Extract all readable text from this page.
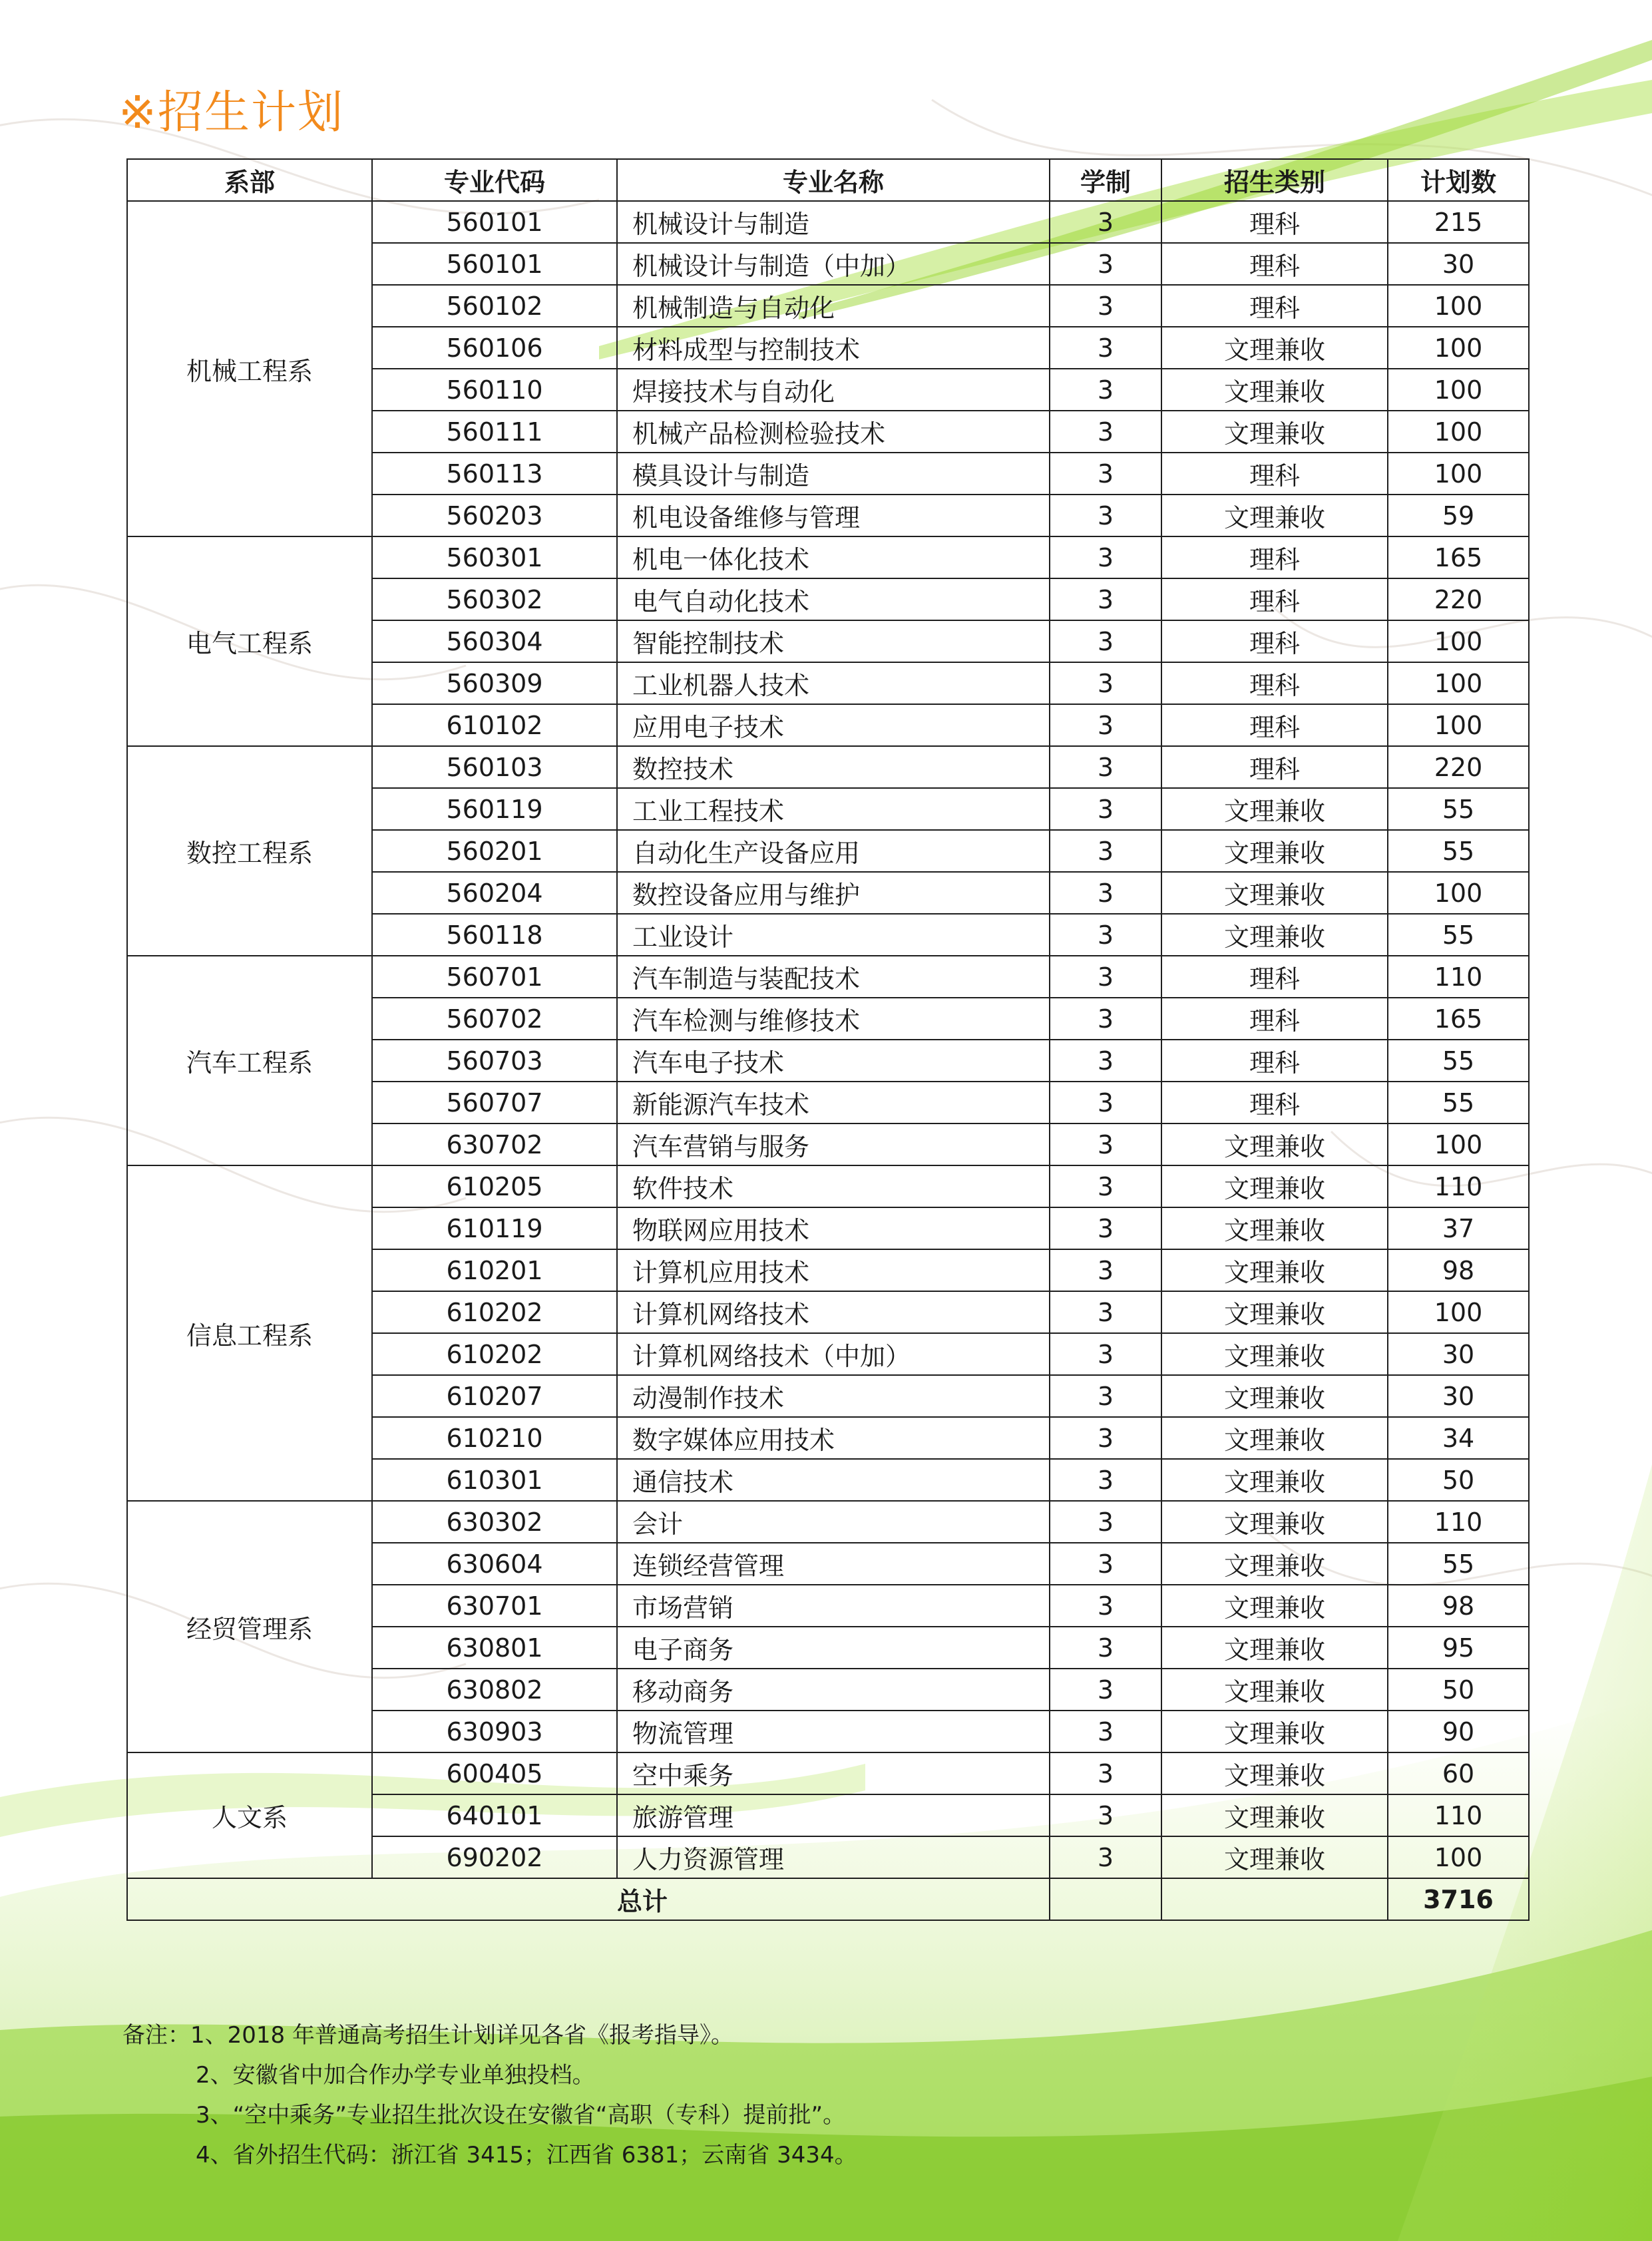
※招生计划
系部	专业代码	专业名称	学制	招生类别	计划数
机械工程系	560101	机械设计与制造	3	理科	215
	560101	机械设计与制造（中加）	3	理科	30
	560102	机械制造与自动化	3	理科	100
	560106	材料成型与控制技术	3	文理兼收	100
	560110	焊接技术与自动化	3	文理兼收	100
	560111	机械产品检测检验技术	3	文理兼收	100
	560113	模具设计与制造	3	理科	100
	560203	机电设备维修与管理	3	文理兼收	59
电气工程系	560301	机电一体化技术	3	理科	165
	560302	电气自动化技术	3	理科	220
	560304	智能控制技术	3	理科	100
	560309	工业机器人技术	3	理科	100
	610102	应用电子技术	3	理科	100
数控工程系	560103	数控技术	3	理科	220
	560119	工业工程技术	3	文理兼收	55
	560201	自动化生产设备应用	3	文理兼收	55
	560204	数控设备应用与维护	3	文理兼收	100
	560118	工业设计	3	文理兼收	55
汽车工程系	560701	汽车制造与装配技术	3	理科	110
	560702	汽车检测与维修技术	3	理科	165
	560703	汽车电子技术	3	理科	55
	560707	新能源汽车技术	3	理科	55
	630702	汽车营销与服务	3	文理兼收	100
信息工程系	610205	软件技术	3	文理兼收	110
	610119	物联网应用技术	3	文理兼收	37
	610201	计算机应用技术	3	文理兼收	98
	610202	计算机网络技术	3	文理兼收	100
	610202	计算机网络技术（中加）	3	文理兼收	30
	610207	动漫制作技术	3	文理兼收	30
	610210	数字媒体应用技术	3	文理兼收	34
	610301	通信技术	3	文理兼收	50
经贸管理系	630302	会计	3	文理兼收	110
	630604	连锁经营管理	3	文理兼收	55
	630701	市场营销	3	文理兼收	98
	630801	电子商务	3	文理兼收	95
	630802	移动商务	3	文理兼收	50
	630903	物流管理	3	文理兼收	90
人文系	600405	空中乘务	3	文理兼收	60
	640101	旅游管理	3	文理兼收	110
	690202	人力资源管理	3	文理兼收	100
		总计			3716
备注：1、2018 年普通高考招生计划详见各省《报考指导》。
2、安徽省中加合作办学专业单独投档。
3、“空中乘务”专业招生批次设在安徽省“高职（专科）提前批”。
4、省外招生代码：浙江省 3415；江西省 6381；云南省 3434。
